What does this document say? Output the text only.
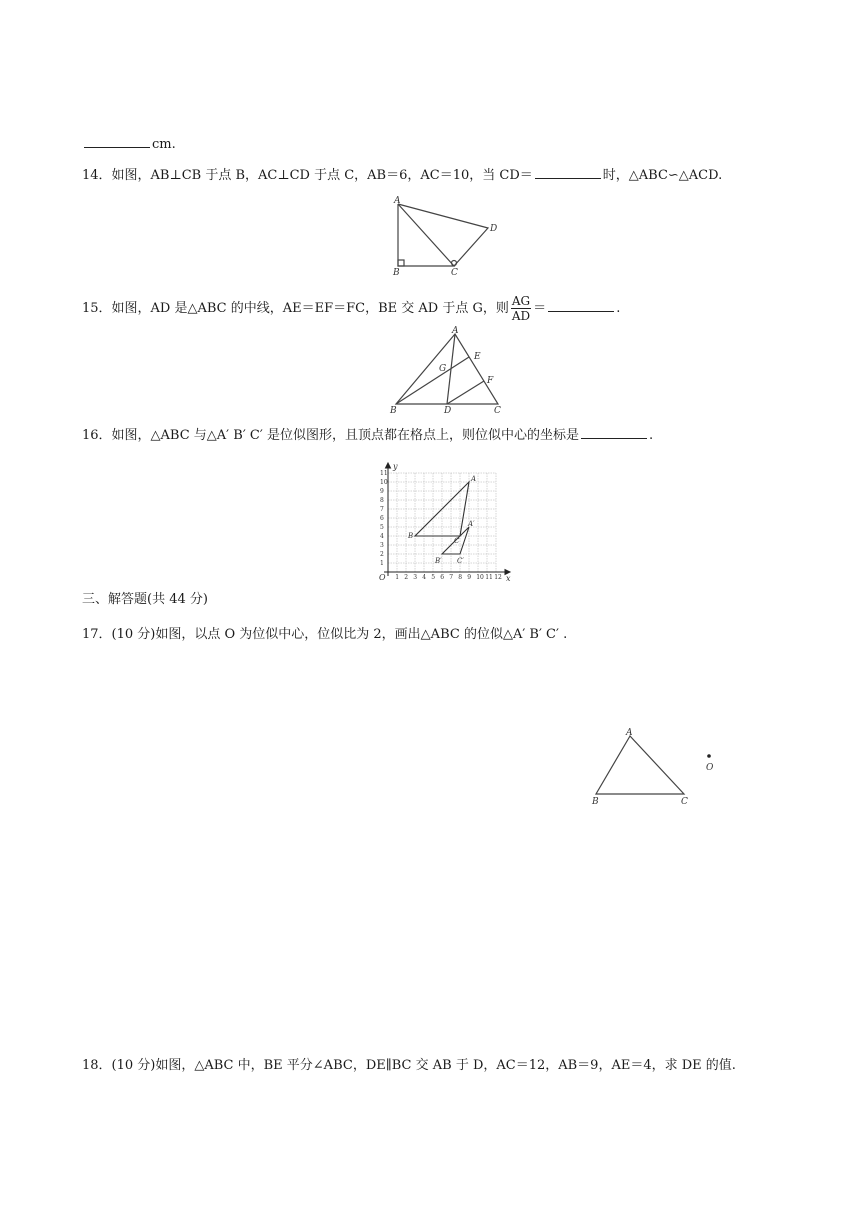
cm.
14．如图，AB⊥CB 于点 B，AC⊥CD 于点 C，AB＝6，AC＝10，当 CD＝	时，△ABC∽△ACD.
A
B	C
D
15．如图，AD 是△ABC 的中线，AE＝EF＝FC，BE 交 AD 于点 G，则 $\frac{AG}{AD}$ ＝	.
A
B	C
D
E
F
G
16．如图，△ABC 与△A′ B′ C′ 是位似图形，且顶点都在格点上，则位似中心的坐标是	.
1 2 3 4 5 6 7 8 9 10 11 12
1
2
3
4
5
6
7
8
9
10
11
O	x
y
A
B
C
A′
B′ C′
三、解答题(共 44 分)
17．(10 分)如图，以点 O 为位似中心，位似比为 2，画出△ABC 的位似△A′ B′ C′ .
A
B	C
O
18．(10 分)如图，△ABC 中，BE 平分∠ABC，DE∥BC 交 AB 于 D，AC＝12，AB＝9，AE＝4，求 DE 的值.
